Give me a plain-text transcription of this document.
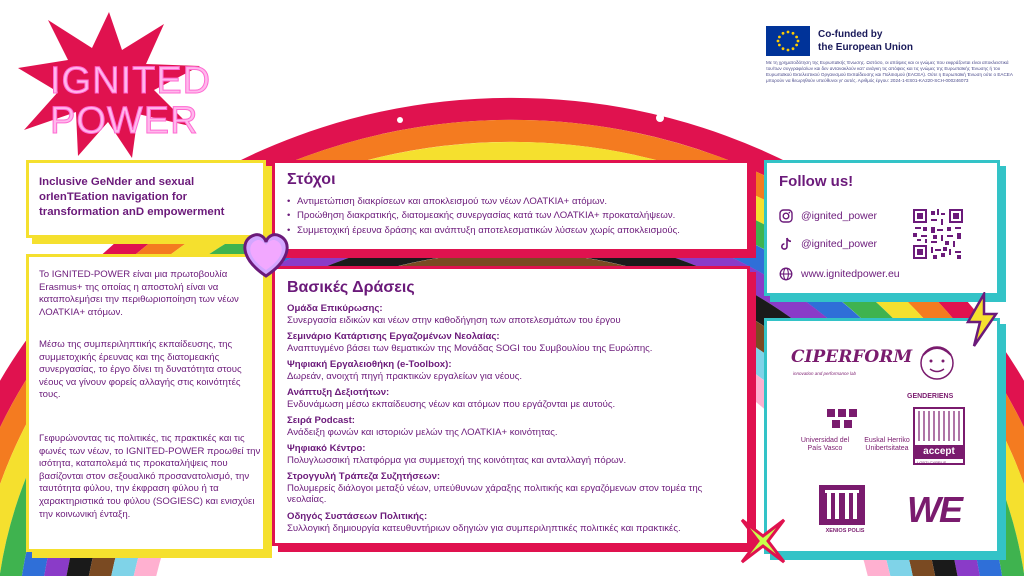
IGNITED
POWER
Co-funded by
the European Union
Με τη χρηματοδότηση της Ευρωπαϊκής Ένωσης. Ωστόσο, οι απόψεις και οι γνώμες που εκφράζονται είναι αποκλειστικά του/των συγγραφέα/ων και δεν αντανακλούν κατ' ανάγκη τις απόψεις και τις γνώμες της Ευρωπαϊκής Ένωσης ή του Ευρωπαϊκού Εκτελεστικού Οργανισμού Εκπαίδευσης και Πολιτισμού (EACEA). Ούτε η Ευρωπαϊκή Ένωση ούτε ο EACEA μπορούν να θεωρηθούν υπεύθυνοι γι' αυτές. Αριθμός έργου: 2024-1-ES01-KA220-SCH-000246073
Inclusive GeNder and sexual orIenTEation navigation for transformation anD empowerment

Το IGNITED-POWER είναι μια πρωτοβουλία Erasmus+ της οποίας η αποστολή είναι να καταπολεμήσει την περιθωριοποίηση των νέων ΛΟΑΤΚΙΑ+ ατόμων.

Μέσω της συμπεριληπτικής εκπαίδευσης, της συμμετοχικής έρευνας και της διατομεακής συνεργασίας, το έργο δίνει τη δυνατότητα στους νέους να γίνουν φορείς αλλαγής στις κοινότητές τους.

Γεφυρώνοντας τις πολιτικές, τις πρακτικές και τις φωνές των νέων, το IGNITED-POWER προωθεί την ισότητα, καταπολεμά τις προκαταλήψεις που βασίζονται στον σεξουαλικό προσανατολισμό, την ταυτότητα φύλου, την έκφραση φύλου ή τα χαρακτηριστικά του φύλου (SOGIESC) και ενισχύει την κοινωνική ένταξη.

Στόχοι
• Αντιμετώπιση διακρίσεων και αποκλεισμού των νέων ΛΟΑΤΚΙΑ+ ατόμων.
• Προώθηση διακρατικής, διατομεακής συνεργασίας κατά των ΛΟΑΤΚΙΑ+ προκαταλήψεων.
• Συμμετοχική έρευνα δράσης και ανάπτυξη αποτελεσματικών λύσεων χωρίς αποκλεισμούς.
Βασικές Δράσεις
Ομάδα Επικύρωσης:
Συνεργασία ειδικών και νέων στην καθοδήγηση των αποτελεσμάτων του έργου
Σεμινάριο Κατάρτισης Εργαζομένων Νεολαίας:
Αναπτυγμένο βάσει των θεματικών της Μονάδας SOGI του Συμβουλίου της Ευρώπης.
Ψηφιακή Εργαλειοθήκη (e-Toolbox):
Δωρεάν, ανοιχτή πηγή πρακτικών εργαλείων για νέους.
Ανάπτυξη Δεξιοτήτων:
Ενδυνάμωση μέσω εκπαίδευσης νέων και ατόμων που εργάζονται με αυτούς.
Σειρά Podcast:
Ανάδειξη φωνών και ιστοριών μελών της ΛΟΑΤΚΙΑ+ κοινότητας.
Ψηφιακό Κέντρο:
Πολυγλωσσική πλατφόρμα για συμμετοχή της κοινότητας και ανταλλαγή πόρων.
Στρογγυλή Τράπεζα Συζητήσεων:
Πολυμερείς διάλογοι μεταξύ νέων, υπεύθυνων χάραξης πολιτικής και εργαζόμενων στον τομέα της νεολαίας.
Οδηγός Συστάσεων Πολιτικής:
Συλλογική δημιουργία κατευθυντήριων οδηγιών για συμπεριληπτικές πολιτικές και πρακτικές.
Follow us!
@ignited_power
@ignited_power
www.ignitedpower.eu
CIPERFORM
innovation and performance lab
GENDERIENS
Universidad del País Vasco
Euskal Herriko Unibertsitatea	accept
LGBTI CYPRUS
XENIOS POLIS
WE
